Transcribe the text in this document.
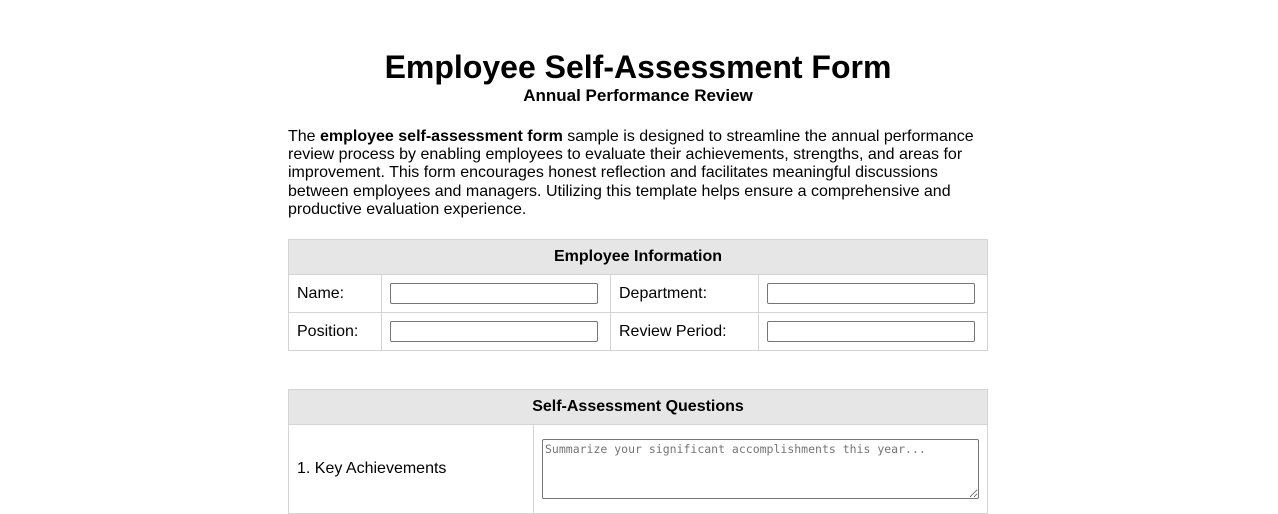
Employee Self-Assessment Form
Annual Performance Review

The employee self-assessment form sample is designed to streamline the annual performance review process by enabling employees to evaluate their achievements, strengths, and areas for improvement. This form encourages honest reflection and facilitates meaningful discussions between employees and managers. Utilizing this template helps ensure a comprehensive and productive evaluation experience.

Employee Information			
Name:		Department:	

Position:		Review Period:	
Self-Assessment Questions
1. Key Achievements	
Summarize your significant accomplishments this year...
